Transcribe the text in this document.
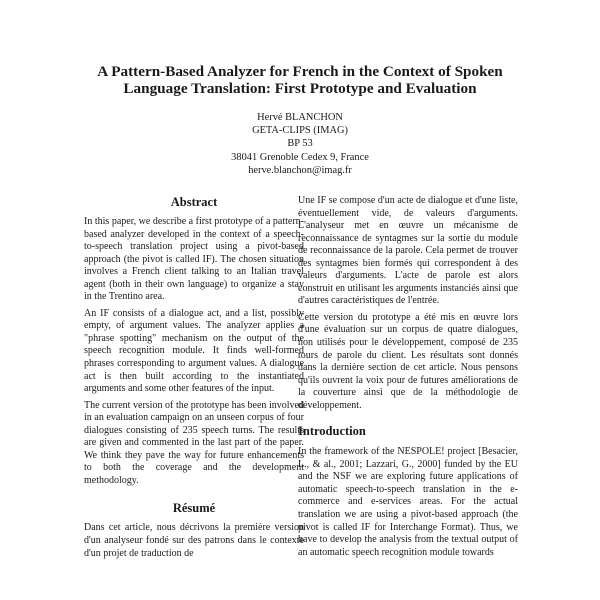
A Pattern-Based Analyzer for French in the Context of Spoken
Language Translation: First Prototype and Evaluation
Hervé BLANCHON
GETA-CLIPS (IMAG)
BP 53
38041 Grenoble Cedex 9, France
herve.blanchon@imag.fr
Abstract

In this paper, we describe a first prototype of a pattern-based analyzer developed in the context of a speech-to-speech translation project using a pivot-based approach (the pivot is called IF). The chosen situation involves a French client talking to an Italian travel agent (both in their own language) to organize a stay in the Trentino area.

An IF consists of a dialogue act, and a list, possibly empty, of argument values. The analyzer applies a "phrase spotting" mechanism on the output of the speech recognition module. It finds well-formed phrases corresponding to argument values. A dialogue act is then built according to the instantiated arguments and some other features of the input.

The current version of the prototype has been involved in an evaluation campaign on an unseen corpus of four dialogues consisting of 235 speech turns. The results are given and commented in the last part of the paper. We think they pave the way for future enhancements to both the coverage and the development methodology.

Résumé

Dans cet article, nous décrivons la première version d'un analyseur fondé sur des patrons dans le contexte d'un projet de traduction de

Une IF se compose d'un acte de dialogue et d'une liste, éventuellement vide, de valeurs d'arguments. L'analyseur met en œuvre un mécanisme de reconnaissance de syntagmes sur la sortie du module de reconnaissance de la parole. Cela permet de trouver des syntagmes bien formés qui correspondent à des valeurs d'arguments. L'acte de parole est alors construit en utilisant les arguments instanciés ainsi que d'autres caractéristiques de l'entrée.

Cette version du prototype a été mis en œuvre lors d'une évaluation sur un corpus de quatre dialogues, non utilisés pour le développement, composé de 235 tours de parole du client. Les résultats sont donnés dans la dernière section de cet article. Nous pensons qu'ils ouvrent la voix pour de futures améliorations de la couverture ainsi que de la méthodologie de développement.

Introduction

In the framework of the NESPOLE! project [Besacier, L., & al., 2001; Lazzari, G., 2000] funded by the EU and the NSF we are exploring future applications of automatic speech-to-speech translation in the e-commerce and e-services areas. For the actual translation we are using a pivot-based approach (the pivot is called IF for Interchange Format). Thus, we have to develop the analysis from the textual output of an automatic speech recognition module towards
